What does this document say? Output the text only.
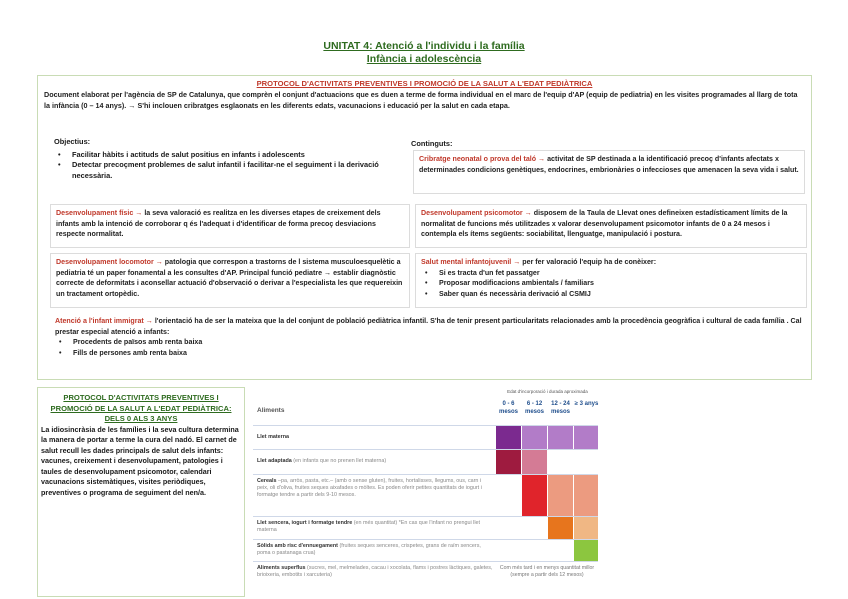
UNITAT 4: Atenció a l'individu i la família
Infància i adolescència
PROTOCOL D'ACTIVITATS PREVENTIVES I PROMOCIÓ DE LA SALUT A L'EDAT PEDIÀTRICA
Document elaborat per l'agència de SP de Catalunya, que comprèn el conjunt d'actuacions que es duen a terme de forma individual en el marc de l'equip d'AP (equip de pediatria) en les visites programades al llarg de tota la infància (0 – 14 anys). → S'hi inclouen cribratges esglaonats en les diferents edats, vacunacions i educació per la salut en cada etapa.
Objectius:
• Facilitar hàbits i actituds de salut positius en infants i adolescents
• Detectar precoçment problemes de salut infantil i facilitar-ne el seguiment i la derivació necessària.
Continguts:
Cribratge neonatal o prova del taló → activitat de SP destinada a la identificació precoç d'infants afectats x determinades condicions genètiques, endocrines, embrionàries o infeccioses que amenacen la seva vida i salut.
Desenvolupament físic → la seva valoració es realitza en les diverses etapes de creixement dels infants amb la intenció de corroborar q és l'adequat i d'identificar de forma precoç desviacions respecte normalitat.
Desenvolupament psicomotor → disposem de la Taula de Llevat ones defineixen estadísticament límits de la normalitat de funcions més utilitzades x valorar desenvolupament psicomotor infants de 0 a 24 mesos i contempla els ítems següents: sociabilitat, llenguatge, manipulació i postura.
Desenvolupament locomotor → patologia que correspon a trastorns de l sistema musculoesquelètic a pediatria té un paper fonamental a les consultes d'AP. Principal funció pediatre → establir diagnòstic correcte de deformitats i aconsellar actuació d'observació o derivar a l'especialista les que requereixin un tractament ortopèdic.
Salut mental infantojuvenil → per fer valoració l'equip ha de conèixer:
• Si es tracta d'un fet passatger
• Proposar modificacions ambientals / familiars
• Saber quan és necessària derivació al CSMIJ
Atenció a l'infant immigrat → l'orientació ha de ser la mateixa que la del conjunt de població pediàtrica infantil. S'ha de tenir present particularitats relacionades amb la procedència geogràfica i cultural de cada família . Cal prestar especial atenció a infants:
• Procedents de països amb renta baixa
• Fills de persones amb renta baixa
PROTOCOL D'ACTIVITATS PREVENTIVES I PROMOCIÓ DE LA SALUT A L'EDAT PEDIÀTRICA: DELS 0 ALS 3 ANYS
La idiosincràsia de les famílies i la seva cultura determina la manera de portar a terme la cura del nadó. El carnet de salut recull les dades principals de salut dels infants: vacunes, creixement i desenvolupament, patologies i taules de desenvolupament psicomotor, calendari vacunacions sistemàtiques, visites periòdiques, preventives o programa de seguiment del nen/a.
Edat d'incorporació i durada aproximada
Aliments
0 - 6 mesos
6 - 12 mesos
12 - 24 mesos
≥ 3 anys
Llet materna
Llet adaptada (en infants que no prenen llet materna)
Cereals –pa, arròs, pasta, etc.– (amb o sense gluten), fruites, hortalisses, llegums, ous, carn i peix, oli d'oliva, fruites seques aixafades o mòltes. Es poden oferir petites quantitats de iogurt i formatge tendre a partir dels 9-10 mesos.
Llet sencera, iogurt i formatge tendre (en més quantitat) *En cas que l'infant no prengui llet materna
Sòlids amb risc d'ennuegament (fruites seques senceres, crispetes, grans de raïm sencers, poma o pastanaga crua)
Aliments superflus (sucres, mel, melmelades, cacau i xocolata, flams i postres làctiques, galetes, brioixeria, embotits i xarcuteria)
Com més tard i en menys quantitat millor (sempre a partir dels 12 mesos)
